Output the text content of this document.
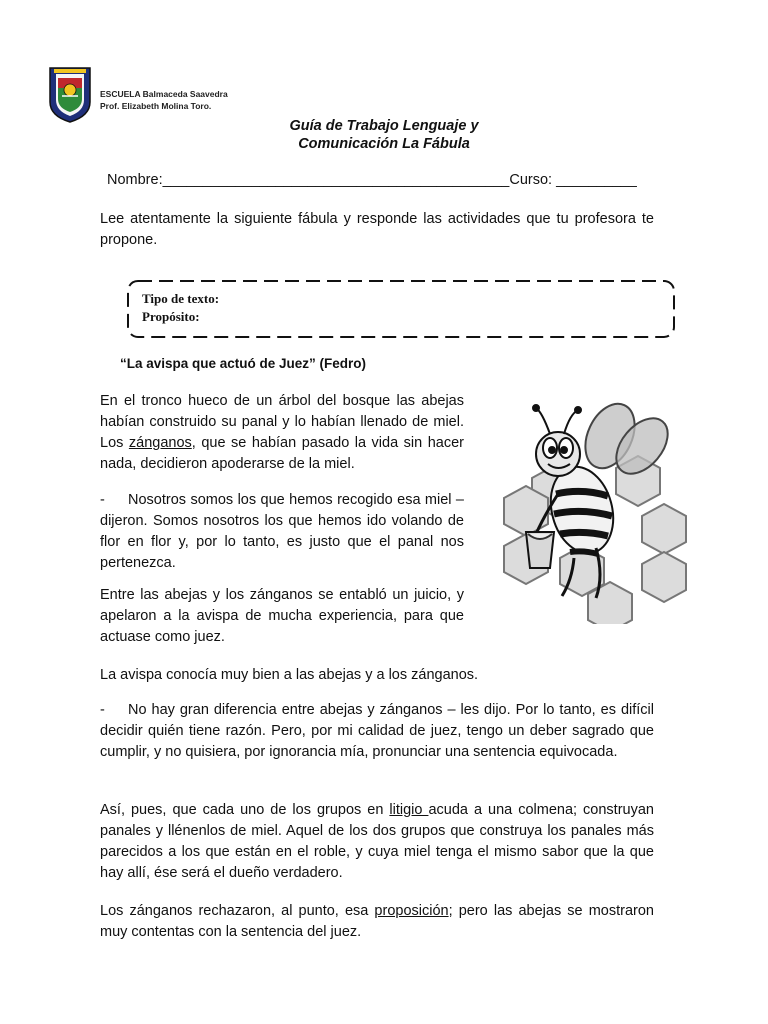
ESCUELA Balmaceda Saavedra
Prof. Elizabeth Molina Toro.
Guía de Trabajo Lenguaje y
Comunicación La Fábula
Nombre:___________________________________________Curso: __________
Lee atentamente la siguiente fábula y responde las actividades que tu profesora te propone.
Tipo de texto:
Propósito:
“La avispa que actuó de Juez” (Fedro)
En el tronco hueco de un árbol del bosque las abejas habían construido su panal y lo habían llenado de miel. Los zánganos, que se habían pasado la vida sin hacer nada, decidieron apoderarse de la miel.
- Nosotros somos los que hemos recogido esa miel – dijeron. Somos nosotros los que hemos ido volando de flor en flor y, por lo tanto, es justo que el panal nos pertenezca.
Entre las abejas y los zánganos se entabló un juicio, y apelaron a la avispa de mucha experiencia, para que actuase como juez.
La avispa conocía muy bien a las abejas y a los zánganos.
- No hay gran diferencia entre abejas y zánganos – les dijo. Por lo tanto, es difícil decidir quién tiene razón. Pero, por mi calidad de juez, tengo un deber sagrado que cumplir, y no quisiera, por ignorancia mía, pronunciar una sentencia equivocada.
Así, pues, que cada uno de los grupos en litigio acuda a una colmena; construyan panales y llénenlos de miel. Aquel de los dos grupos que construya los panales más parecidos a los que están en el roble, y cuya miel tenga el mismo sabor que la que hay allí, ése será el dueño verdadero.
Los zánganos rechazaron, al punto, esa proposición; pero las abejas se mostraron muy contentas con la sentencia del juez.
